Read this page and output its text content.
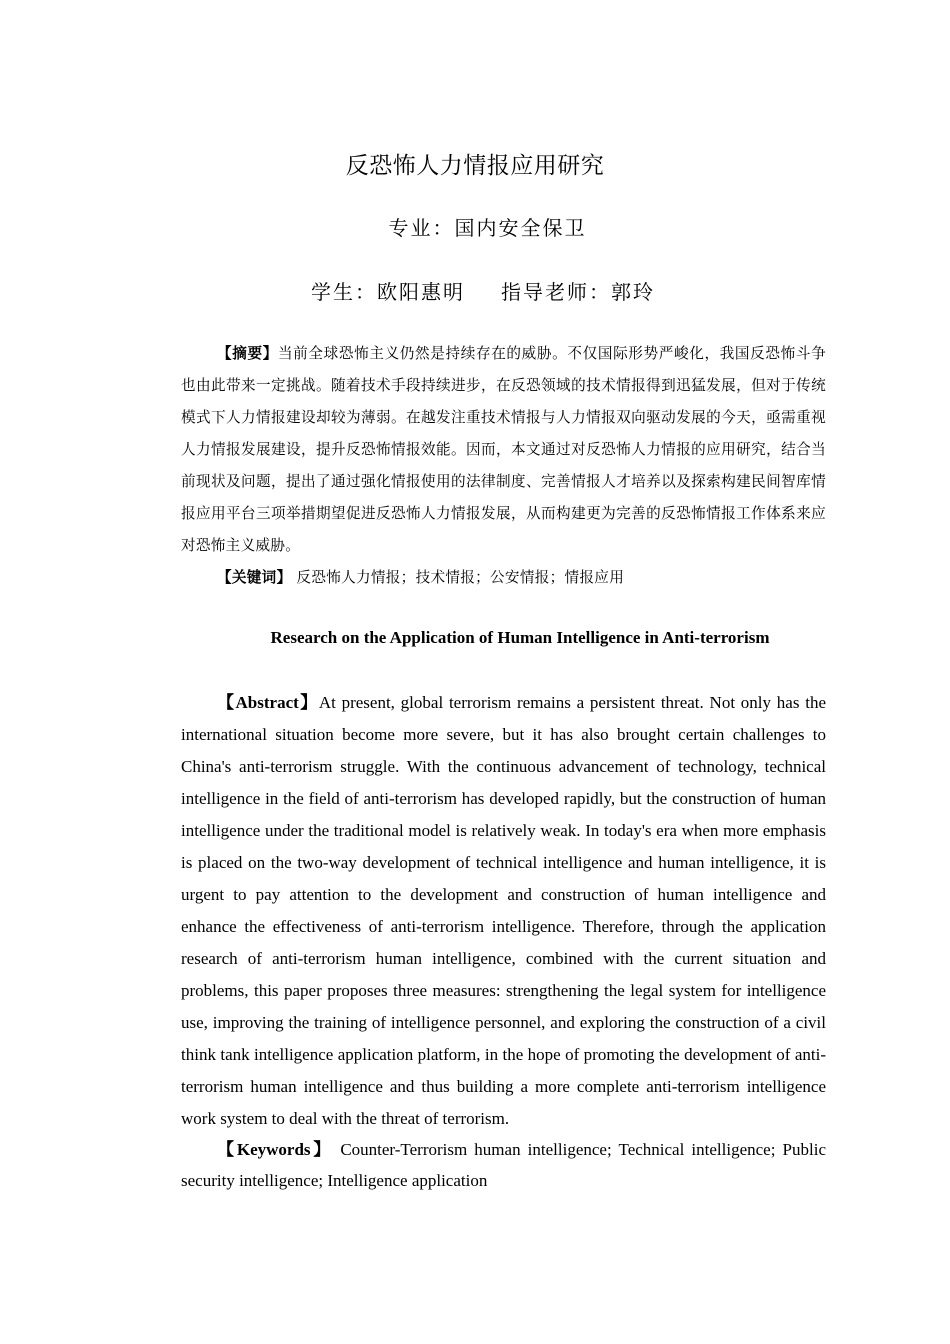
反恐怖人力情报应用研究
专业：国内安全保卫
学生：欧阳惠明 指导老师：郭玲

【摘要】当前全球恐怖主义仍然是持续存在的威胁。不仅国际形势严峻化，我国反恐怖斗争也由此带来一定挑战。随着技术手段持续进步，在反恐领域的技术情报得到迅猛发展，但对于传统模式下人力情报建设却较为薄弱。在越发注重技术情报与人力情报双向驱动发展的今天，亟需重视人力情报发展建设，提升反恐怖情报效能。因而，本文通过对反恐怖人力情报的应用研究，结合当前现状及问题，提出了通过强化情报使用的法律制度、完善情报人才培养以及探索构建民间智库情报应用平台三项举措期望促进反恐怖人力情报发展，从而构建更为完善的反恐怖情报工作体系来应对恐怖主义威胁。

【关键词】 反恐怖人力情报；技术情报；公安情报；情报应用

Research on the Application of Human Intelligence in Anti-terrorism

【Abstract】At present, global terrorism remains a persistent threat. Not only has the international situation become more severe, but it has also brought certain challenges to China's anti-terrorism struggle. With the continuous advancement of technology, technical intelligence in the field of anti-terrorism has developed rapidly, but the construction of human intelligence under the traditional model is relatively weak. In today's era when more emphasis is placed on the two-way development of technical intelligence and human intelligence, it is urgent to pay attention to the development and construction of human intelligence and enhance the effectiveness of anti-terrorism intelligence. Therefore, through the application research of anti-terrorism human intelligence, combined with the current situation and problems, this paper proposes three measures: strengthening the legal system for intelligence use, improving the training of intelligence personnel, and exploring the construction of a civil think tank intelligence application platform, in the hope of promoting the development of anti-terrorism human intelligence and thus building a more complete anti-terrorism intelligence work system to deal with the threat of terrorism.

【Keywords】 Counter-Terrorism human intelligence; Technical intelligence; Public security intelligence; Intelligence application
